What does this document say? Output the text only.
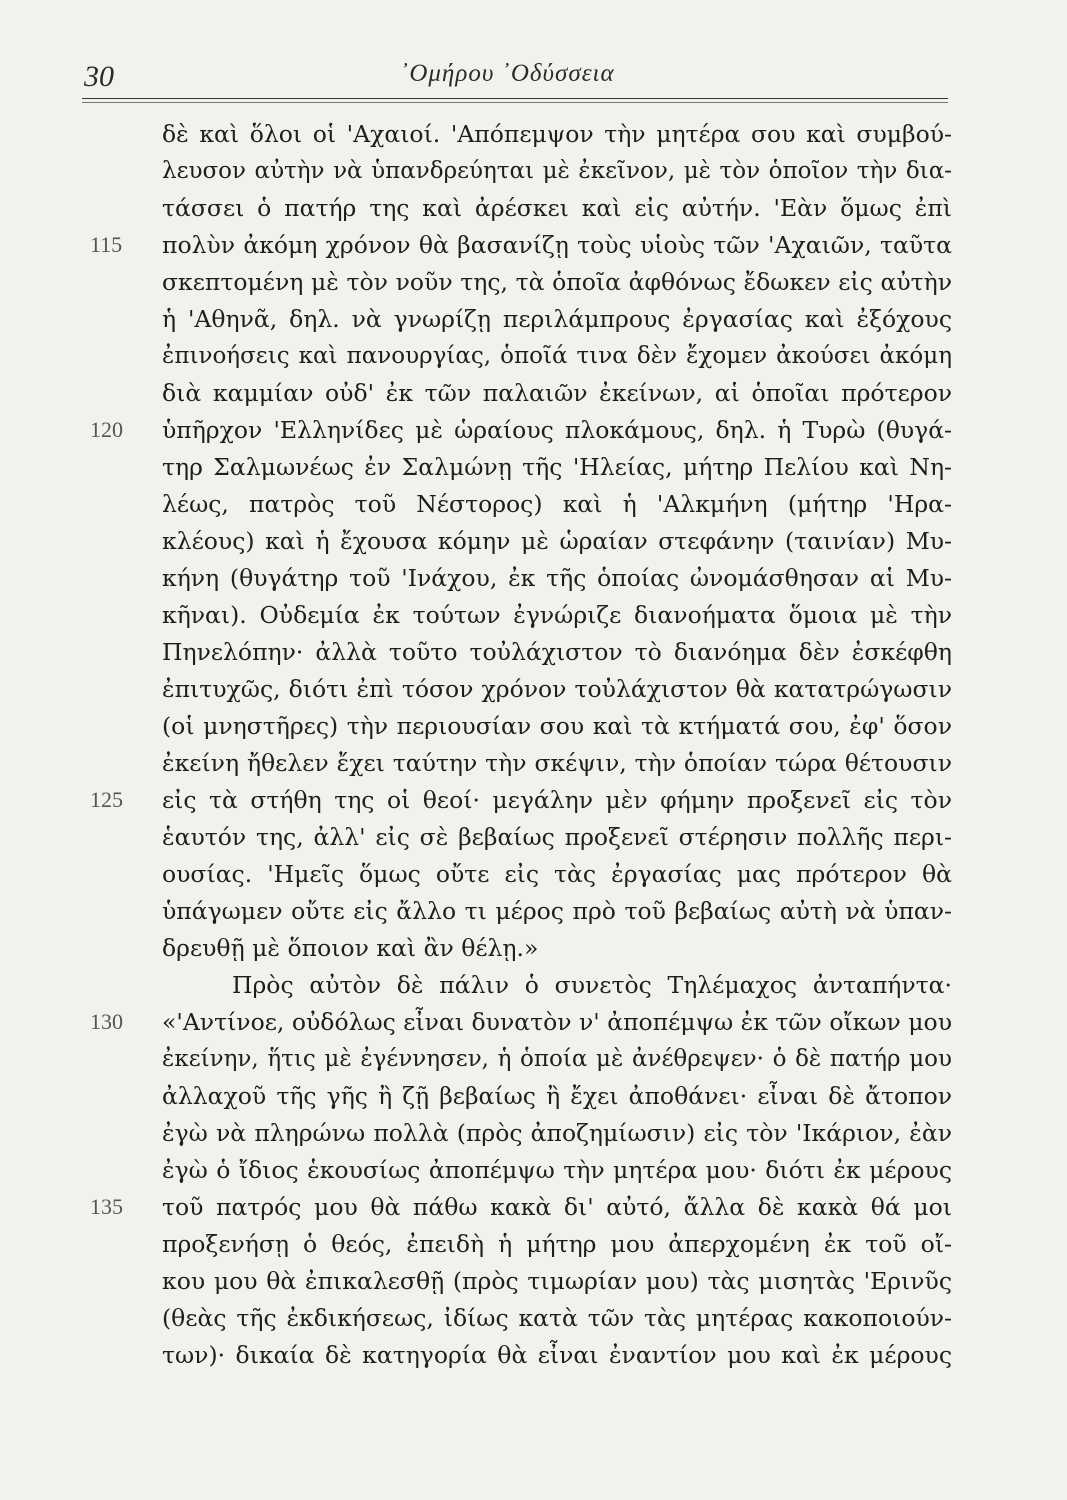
30	᾿Ομήρου ᾿Οδύσσεια
δὲ καὶ ὅλοι οἱ 'Αχαιοί. 'Απόπεμψον τὴν μητέρα σου καὶ συμβού-
λευσον αὐτὴν νὰ ὑπανδρεύηται μὲ ἐκεῖνον, μὲ τὸν ὁποῖον τὴν δια-
τάσσει ὁ πατήρ της καὶ ἀρέσκει καὶ εἰς αὐτήν. 'Εὰν ὅμως ἐπὶ
πολὺν ἀκόμη χρόνον θὰ βασανίζῃ τοὺς υἱοὺς τῶν 'Αχαιῶν, ταῦτα
σκεπτομένη μὲ τὸν νοῦν της, τὰ ὁποῖα ἀφθόνως ἔδωκεν εἰς αὐτὴν
ἡ 'Αθηνᾶ, δηλ. νὰ γνωρίζῃ περιλάμπρους ἐργασίας καὶ ἐξόχους
ἐπινοήσεις καὶ πανουργίας, ὁποῖά τινα δὲν ἔχομεν ἀκούσει ἀκόμη
διὰ καμμίαν οὐδ' ἐκ τῶν παλαιῶν ἐκείνων, αἱ ὁποῖαι πρότερον
ὑπῆρχον 'Ελληνίδες μὲ ὡραίους πλοκάμους, δηλ. ἡ Τυρὼ (θυγά-
τηρ Σαλμωνέως ἐν Σαλμώνῃ τῆς 'Ηλείας, μήτηρ Πελίου καὶ Νη-
λέως, πατρὸς τοῦ Νέστορος) καὶ ἡ 'Αλκμήνη (μήτηρ 'Ηρα-
κλέους) καὶ ἡ ἔχουσα κόμην μὲ ὡραίαν στεφάνην (ταινίαν) Μυ-
κήνη (θυγάτηρ τοῦ 'Ινάχου, ἐκ τῆς ὁποίας ὠνομάσθησαν αἱ Μυ-
κῆναι). Οὐδεμία ἐκ τούτων ἐγνώριζε διανοήματα ὅμοια μὲ τὴν
Πηνελόπην· ἀλλὰ τοῦτο τοὐλάχιστον τὸ διανόημα δὲν ἐσκέφθη
ἐπιτυχῶς, διότι ἐπὶ τόσον χρόνον τοὐλάχιστον θὰ κατατρώγωσιν
(οἱ μνηστῆρες) τὴν περιουσίαν σου καὶ τὰ κτήματά σου, ἐφ' ὅσον
ἐκείνη ἤθελεν ἔχει ταύτην τὴν σκέψιν, τὴν ὁποίαν τώρα θέτουσιν
εἰς τὰ στήθη της οἱ θεοί· μεγάλην μὲν φήμην προξενεῖ εἰς τὸν
ἑαυτόν της, ἀλλ' εἰς σὲ βεβαίως προξενεῖ στέρησιν πολλῆς περι-
ουσίας. 'Ημεῖς ὅμως οὔτε εἰς τὰς ἐργασίας μας πρότερον θὰ
ὑπάγωμεν οὔτε εἰς ἄλλο τι μέρος πρὸ τοῦ βεβαίως αὐτὴ νὰ ὑπαν-
δρευθῇ μὲ ὅποιον καὶ ἂν θέλῃ.»
Πρὸς αὐτὸν δὲ πάλιν ὁ συνετὸς Τηλέμαχος ἀνταπήντα·
«'Αντίνοε, οὐδόλως εἶναι δυνατὸν ν' ἀποπέμψω ἐκ τῶν οἴκων μου
ἐκείνην, ἥτις μὲ ἐγέννησεν, ἡ ὁποία μὲ ἀνέθρεψεν· ὁ δὲ πατήρ μου
ἀλλαχοῦ τῆς γῆς ἢ ζῇ βεβαίως ἢ ἔχει ἀποθάνει· εἶναι δὲ ἄτοπον
ἐγὼ νὰ πληρώνω πολλὰ (πρὸς ἀποζημίωσιν) εἰς τὸν 'Ικάριον, ἐὰν
ἐγὼ ὁ ἴδιος ἑκουσίως ἀποπέμψω τὴν μητέρα μου· διότι ἐκ μέρους
τοῦ πατρός μου θὰ πάθω κακὰ δι' αὐτό, ἄλλα δὲ κακὰ θά μοι
προξενήσῃ ὁ θεός, ἐπειδὴ ἡ μήτηρ μου ἀπερχομένη ἐκ τοῦ οἴ-
κου μου θὰ ἐπικαλεσθῇ (πρὸς τιμωρίαν μου) τὰς μισητὰς 'Ερινῦς
(θεὰς τῆς ἐκδικήσεως, ἰδίως κατὰ τῶν τὰς μητέρας κακοποιούν-
των)· δικαία δὲ κατηγορία θὰ εἶναι ἐναντίον μου καὶ ἐκ μέρους
115
120
125
130
135
